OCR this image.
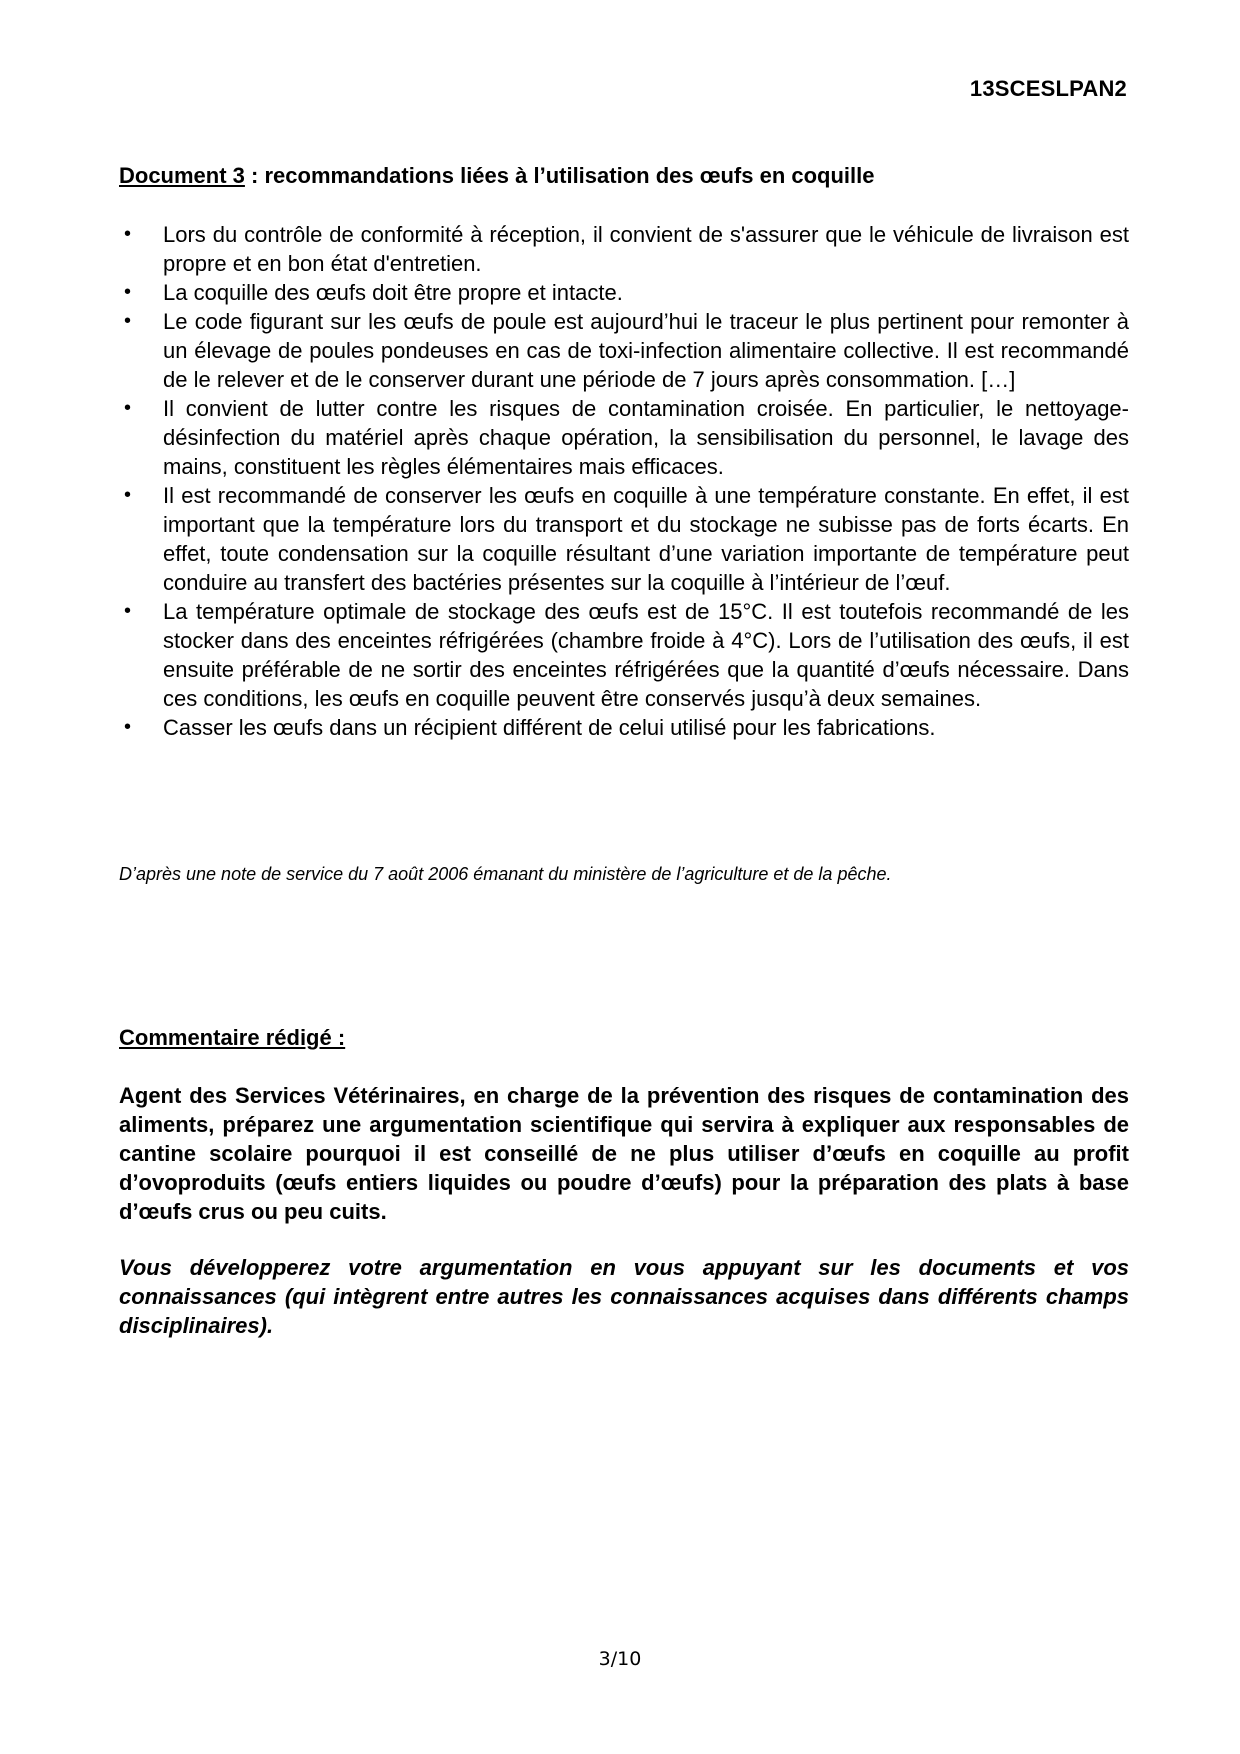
13SCESLPAN2
Document 3 : recommandations liées à l’utilisation des œufs en coquille
• Lors du contrôle de conformité à réception, il convient de s'assurer que le véhicule de livraison est propre et en bon état d'entretien.
• La coquille des œufs doit être propre et intacte.
• Le code figurant sur les œufs de poule est aujourd’hui le traceur le plus pertinent pour remonter à un élevage de poules pondeuses en cas de toxi-infection alimentaire collective. Il est recommandé de le relever et de le conserver durant une période de 7 jours après consommation. […]
• Il convient de lutter contre les risques de contamination croisée. En particulier, le nettoyage-désinfection du matériel après chaque opération, la sensibilisation du personnel, le lavage des mains, constituent les règles élémentaires mais efficaces.
• Il est recommandé de conserver les œufs en coquille à une température constante. En effet, il est important que la température lors du transport et du stockage ne subisse pas de forts écarts. En effet, toute condensation sur la coquille résultant d’une variation importante de température peut conduire au transfert des bactéries présentes sur la coquille à l’intérieur de l’œuf.
• La température optimale de stockage des œufs est de 15°C. Il est toutefois recommandé de les stocker dans des enceintes réfrigérées (chambre froide à 4°C). Lors de l’utilisation des œufs, il est ensuite préférable de ne sortir des enceintes réfrigérées que la quantité d’œufs nécessaire. Dans ces conditions, les œufs en coquille peuvent être conservés jusqu’à deux semaines.
• Casser les œufs dans un récipient différent de celui utilisé pour les fabrications.
D’après une note de service du 7 août 2006 émanant du ministère de l’agriculture et de la pêche.
Commentaire rédigé :
Agent des Services Vétérinaires, en charge de la prévention des risques de contamination des aliments, préparez une argumentation scientifique qui servira à expliquer aux responsables de cantine scolaire pourquoi il est conseillé de ne plus utiliser d’œufs en coquille au profit d’ovoproduits (œufs entiers liquides ou poudre d’œufs) pour la préparation des plats à base d’œufs crus ou peu cuits.
Vous développerez votre argumentation en vous appuyant sur les documents et vos connaissances (qui intègrent entre autres les connaissances acquises dans différents champs disciplinaires).
3/10
